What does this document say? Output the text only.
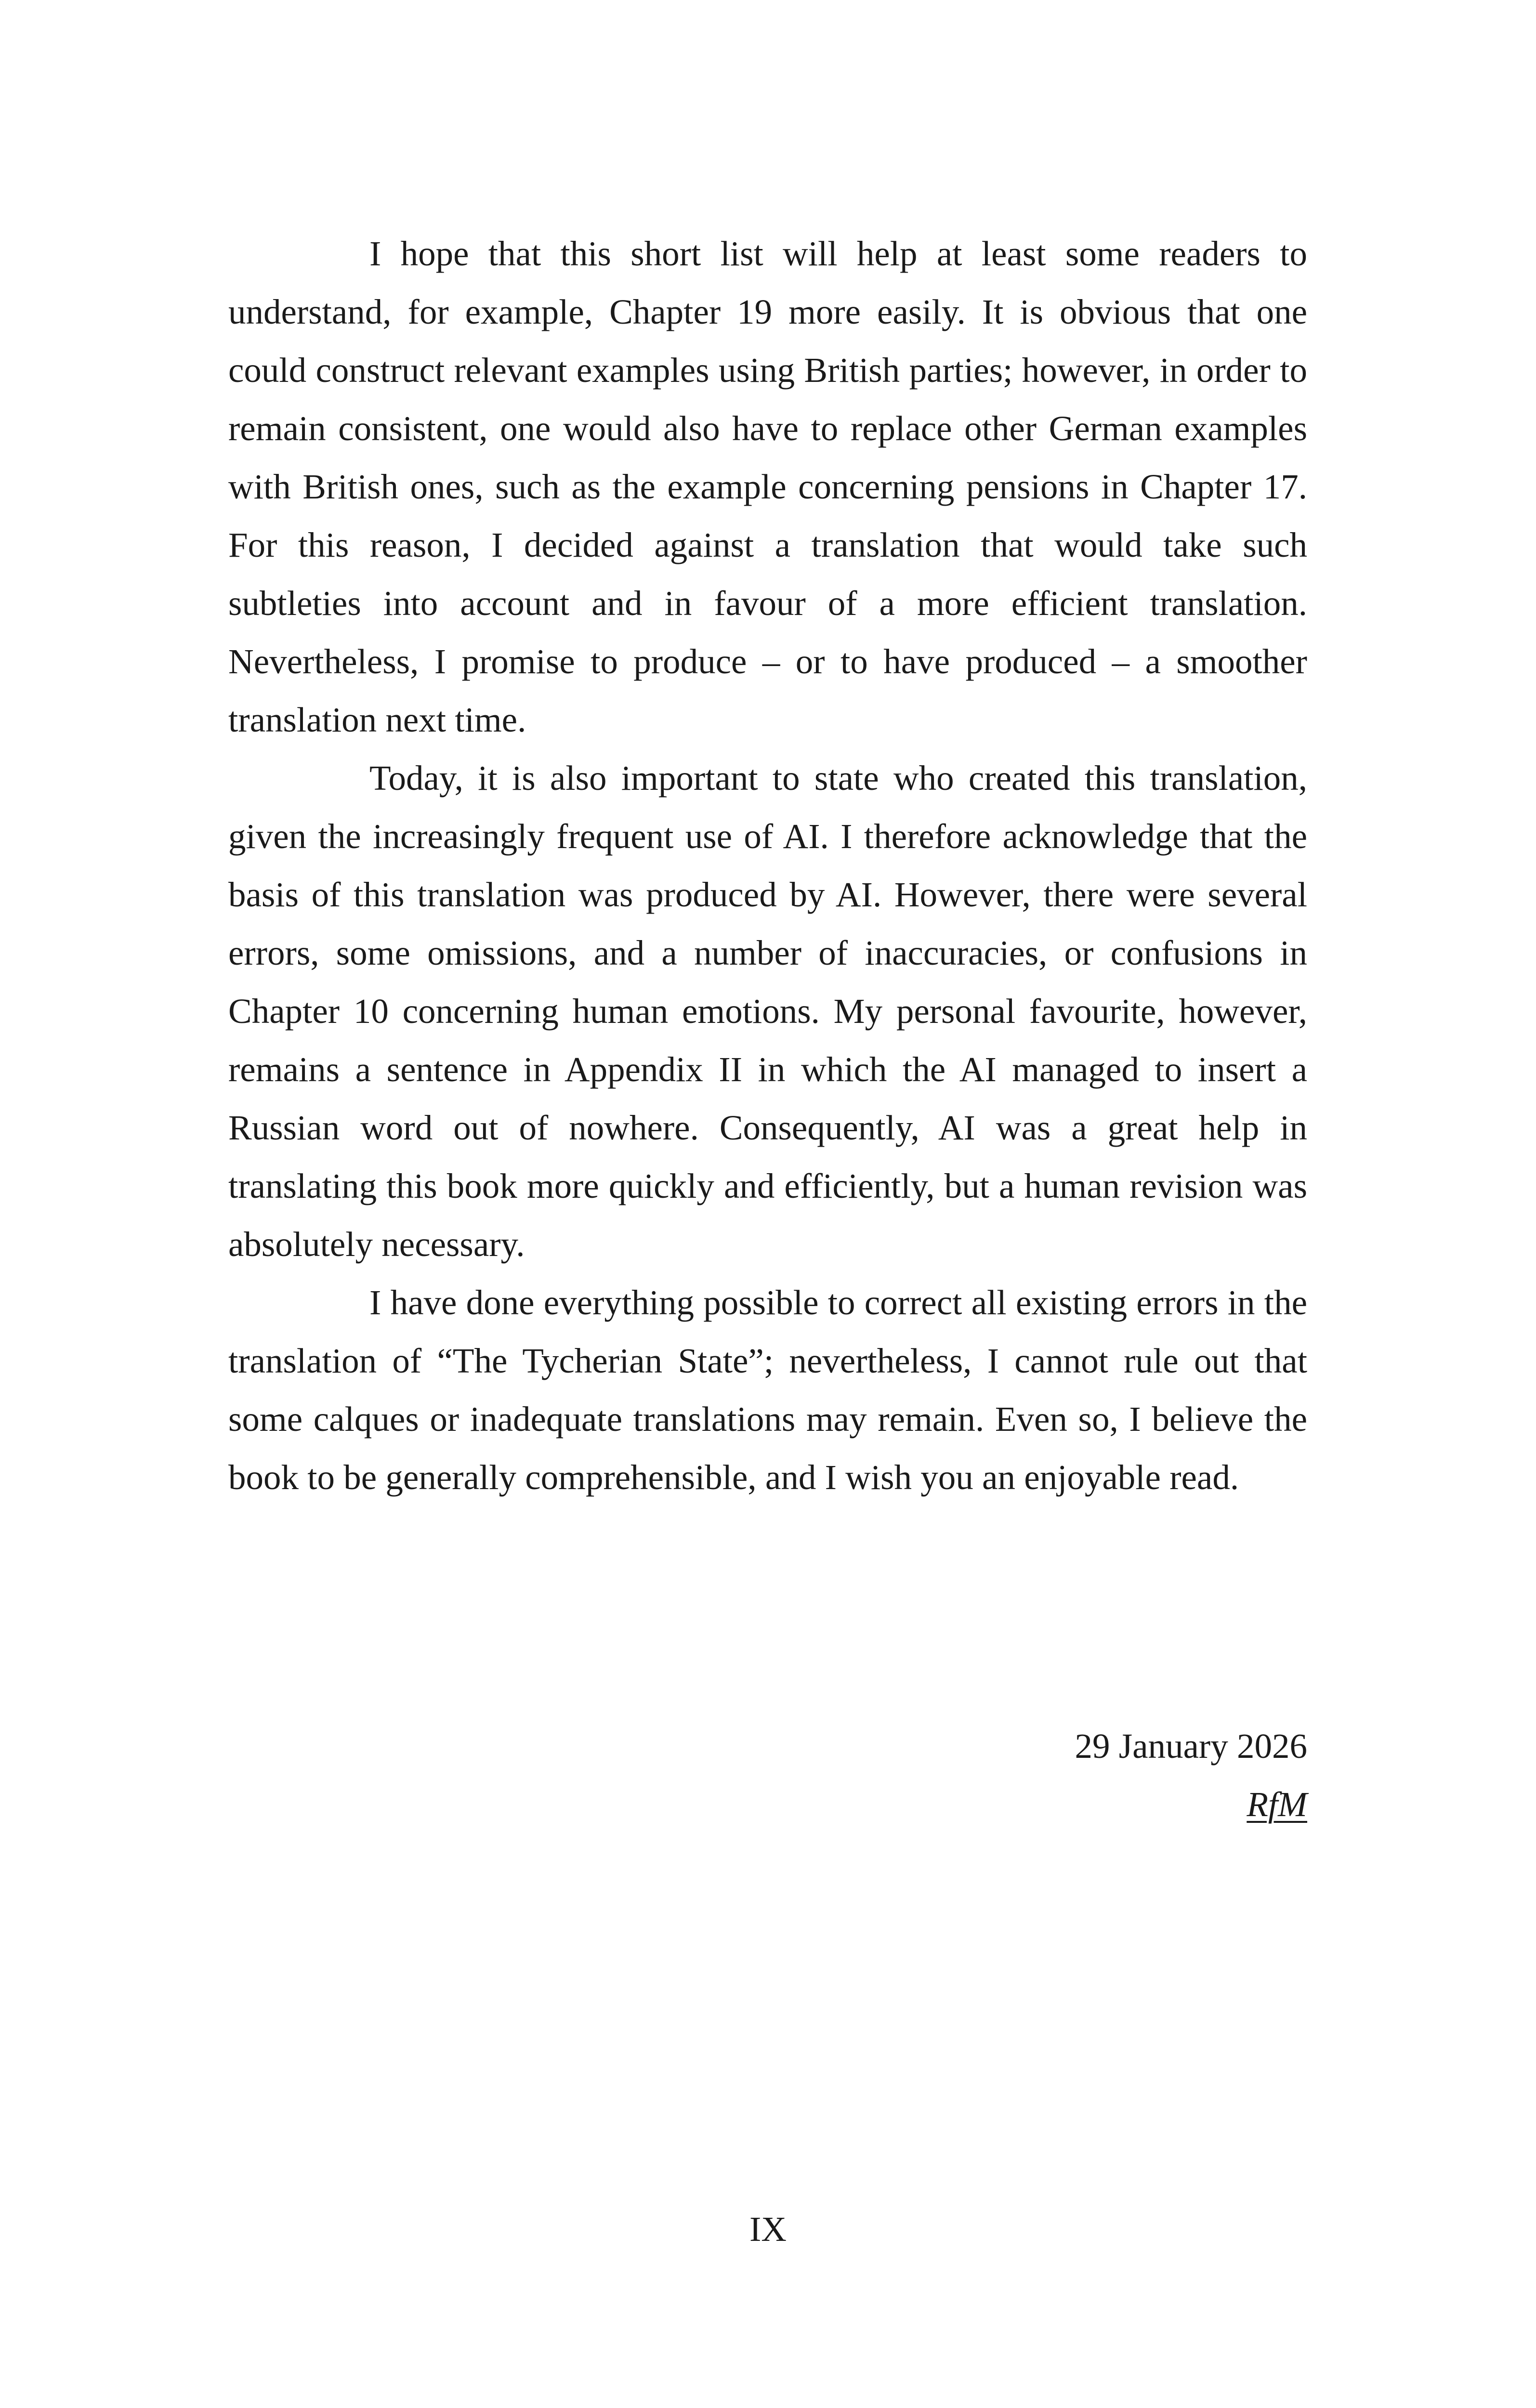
I hope that this short list will help at least some readers to understand, for example, Chapter 19 more easily. It is obvious that one could construct relevant examples using British parties; however, in order to remain consistent, one would also have to replace other German examples with British ones, such as the example concerning pensions in Chapter 17. For this reason, I decided against a translation that would take such subtleties into account and in favour of a more efficient translation. Nevertheless, I promise to produce – or to have produced – a smoother translation next time.

Today, it is also important to state who created this translation, given the increasingly frequent use of AI. I therefore acknowledge that the basis of this translation was produced by AI. However, there were several errors, some omissions, and a number of inaccuracies, or confusions in Chapter 10 concerning human emotions. My personal favourite, however, remains a sentence in Appendix II in which the AI managed to insert a Russian word out of nowhere. Consequently, AI was a great help in translating this book more quickly and efficiently, but a human revision was absolutely necessary.

I have done everything possible to correct all existing errors in the translation of “The Tycherian State”; nevertheless, I cannot rule out that some calques or inadequate translations may remain. Even so, I believe the book to be generally comprehensible, and I wish you an enjoyable read.

29 January 2026
RfM
IX
